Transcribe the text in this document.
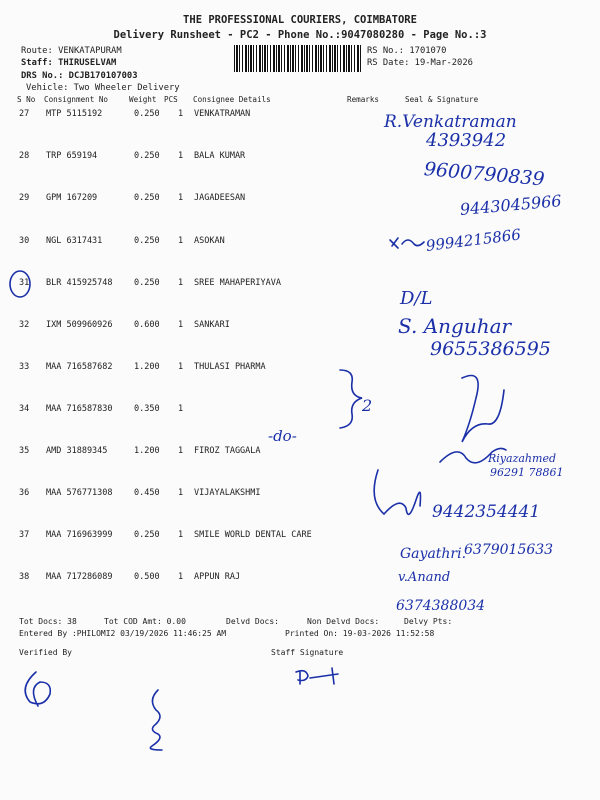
THE PROFESSIONAL COURIERS, COIMBATORE
Delivery Runsheet - PC2 - Phone No.:9047080280 - Page No.:3
Route: VENKATAPURAM
Staff: THIRUSELVAM
DRS No.: DCJB170107003
Vehicle: Two Wheeler Delivery
RS No.: 1701070
RS Date: 19-Mar-2026
S No Consignment No	Weight PCS Consignee Details	Remarks	Seal & Signature
27 MTP 5115192	0.250 1 VENKATRAMAN
28 TRP 659194	0.250 1 BALA KUMAR
29 GPM 167209	0.250 1 JAGADEESAN
30 NGL 6317431	0.250 1 ASOKAN
31 BLR 415925748	0.250 1 SREE MAHAPERIYAVA
32 IXM 509960926	0.600 1 SANKARI
33 MAA 716587682	1.200 1 THULASI PHARMA
34 MAA 716587830	0.350 1
35 AMD 31889345	1.200 1 FIROZ TAGGALA
36 MAA 576771308	0.450 1 VIJAYALAKSHMI
37 MAA 716963999	0.250 1 SMILE WORLD DENTAL CARE
38 MAA 717286089	0.500 1 APPUN RAJ
Tot Docs: 38	Tot COD Amt: 0.00	Delvd Docs:	Non Delvd Docs:	Delvy Pts:
Entered By :PHILOMI2 03/19/2026 11:46:25 AM	Printed On: 19-03-2026 11:52:58
Verified By	Staff Signature
R.Venkatraman
4393942
9600790839
9443045966
9994215866
D/L
S. Anguhar
9655386595
2
-do-
Riyazahmed
96291 78861
9442354441
Gayathri.
6379015633
v.Anand
6374388034
